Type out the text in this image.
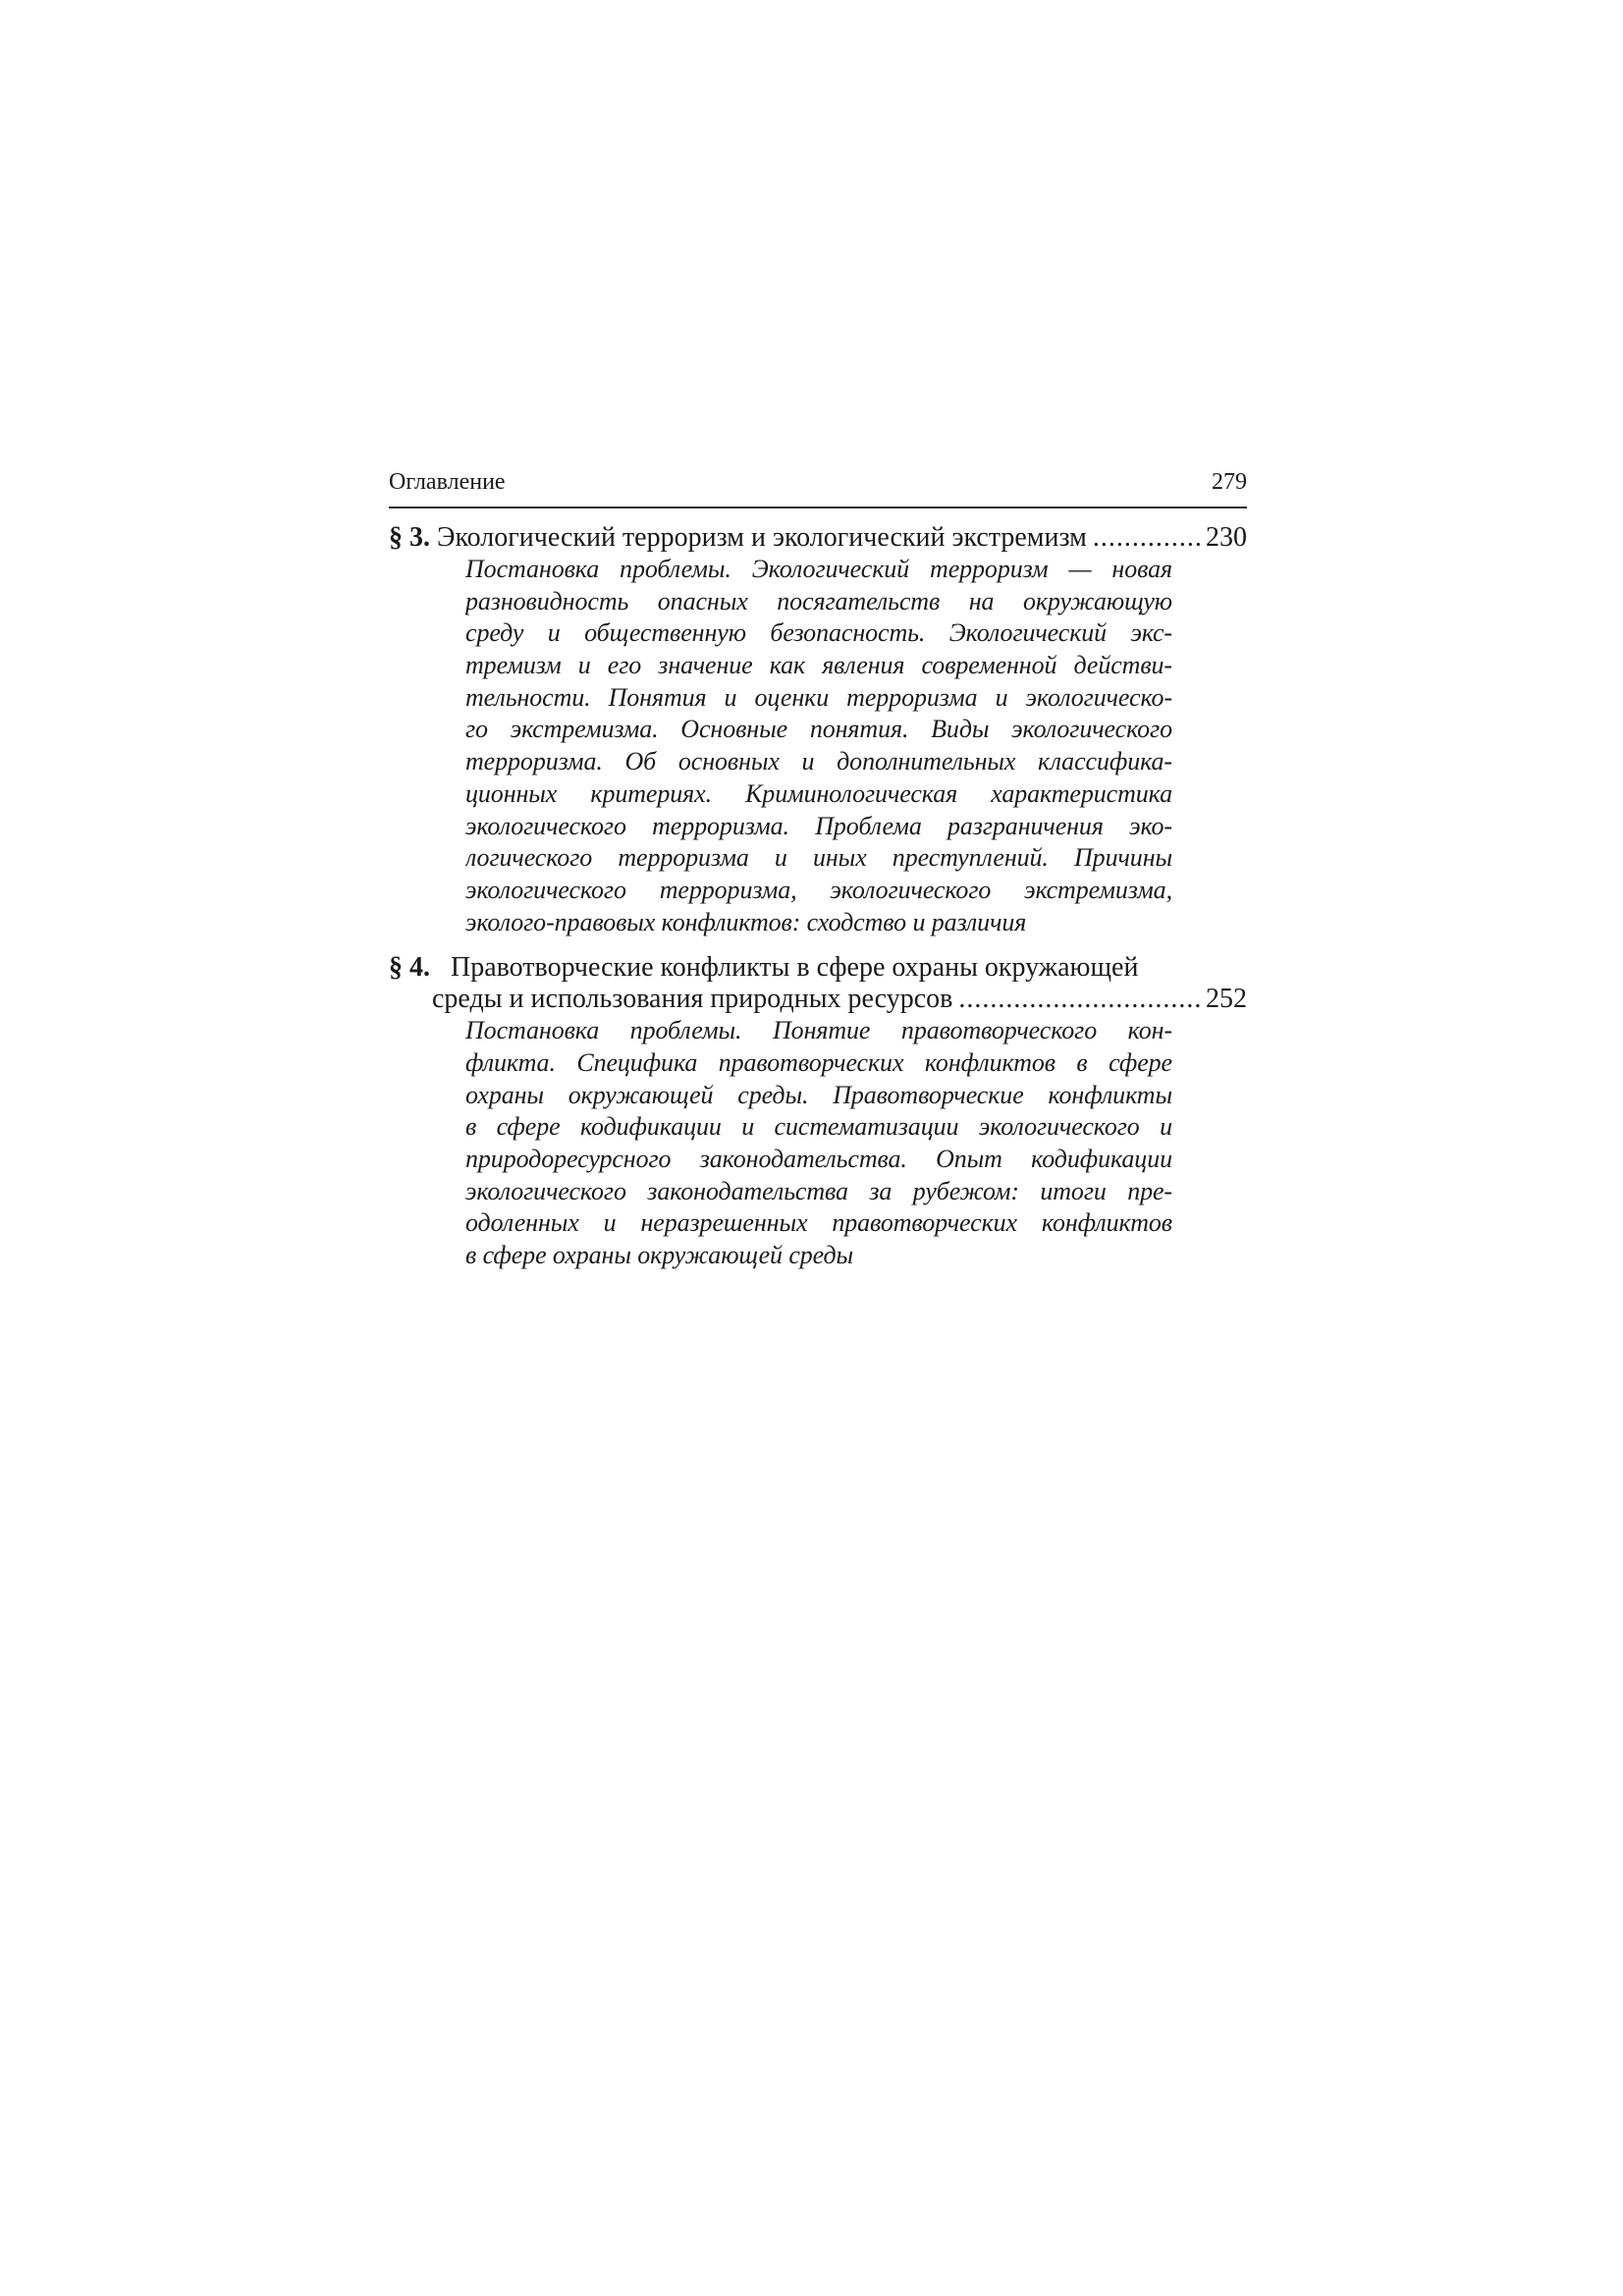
Оглавление	279
§ 3.
Экологический терроризм и экологический экстремизм .....	230
Постановка проблемы. Экологический терроризм — новая
разновидность опасных посягательств на окружающую
среду и общественную безопасность. Экологический экс-
тремизм и его значение как явления современной действи-
тельности. Понятия и оценки терроризма и экологическо-
го экстремизма. Основные понятия. Виды экологического
терроризма. Об основных и дополнительных классифика-
ционных критериях. Криминологическая характеристика
экологического терроризма. Проблема разграничения эко-
логического терроризма и иных преступлений. Причины
экологического терроризма, экологического экстремизма,
эколого-правовых конфликтов: сходство и различия
§ 4. Правотворческие конфликты в сфере охраны окружающей
среды и использования природных ресурсов .....	252
Постановка проблемы. Понятие правотворческого кон-
фликта. Специфика правотворческих конфликтов в сфере
охраны окружающей среды. Правотворческие конфликты
в сфере кодификации и систематизации экологического и
природоресурсного законодательства. Опыт кодификации
экологического законодательства за рубежом: итоги пре-
одоленных и неразрешенных правотворческих конфликтов
в сфере охраны окружающей среды
